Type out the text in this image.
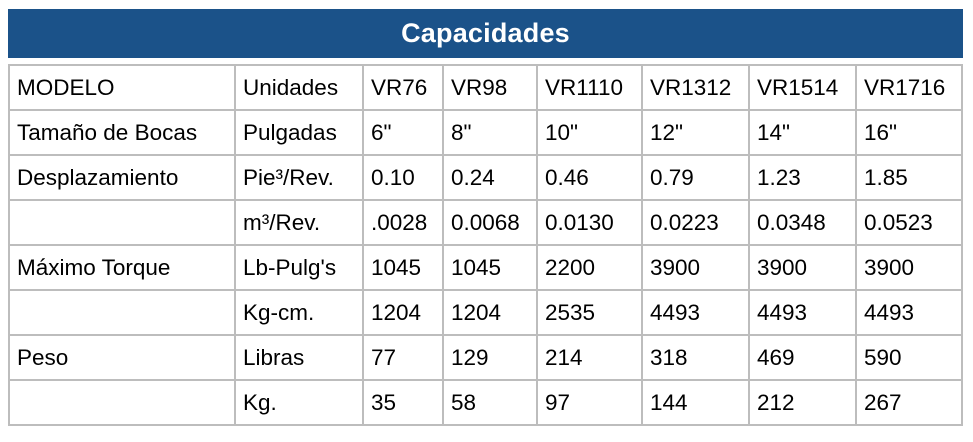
Capacidades
MODELO	Unidades	VR76	VR98	VR1110	VR1312	VR1514	VR1716
Tamaño de Bocas	Pulgadas	6"	8"	10"	12"	14"	16"
Desplazamiento	Pie³/Rev.	0.10	0.24	0.46	0.79	1.23	1.85
	m³/Rev.	.0028	0.0068	0.0130	0.0223	0.0348	0.0523
Máximo Torque	Lb-Pulg's	1045	1045	2200	3900	3900	3900
	Kg-cm.	1204	1204	2535	4493	4493	4493
Peso	Libras	77	129	214	318	469	590
	Kg.	35	58	97	144	212	267
